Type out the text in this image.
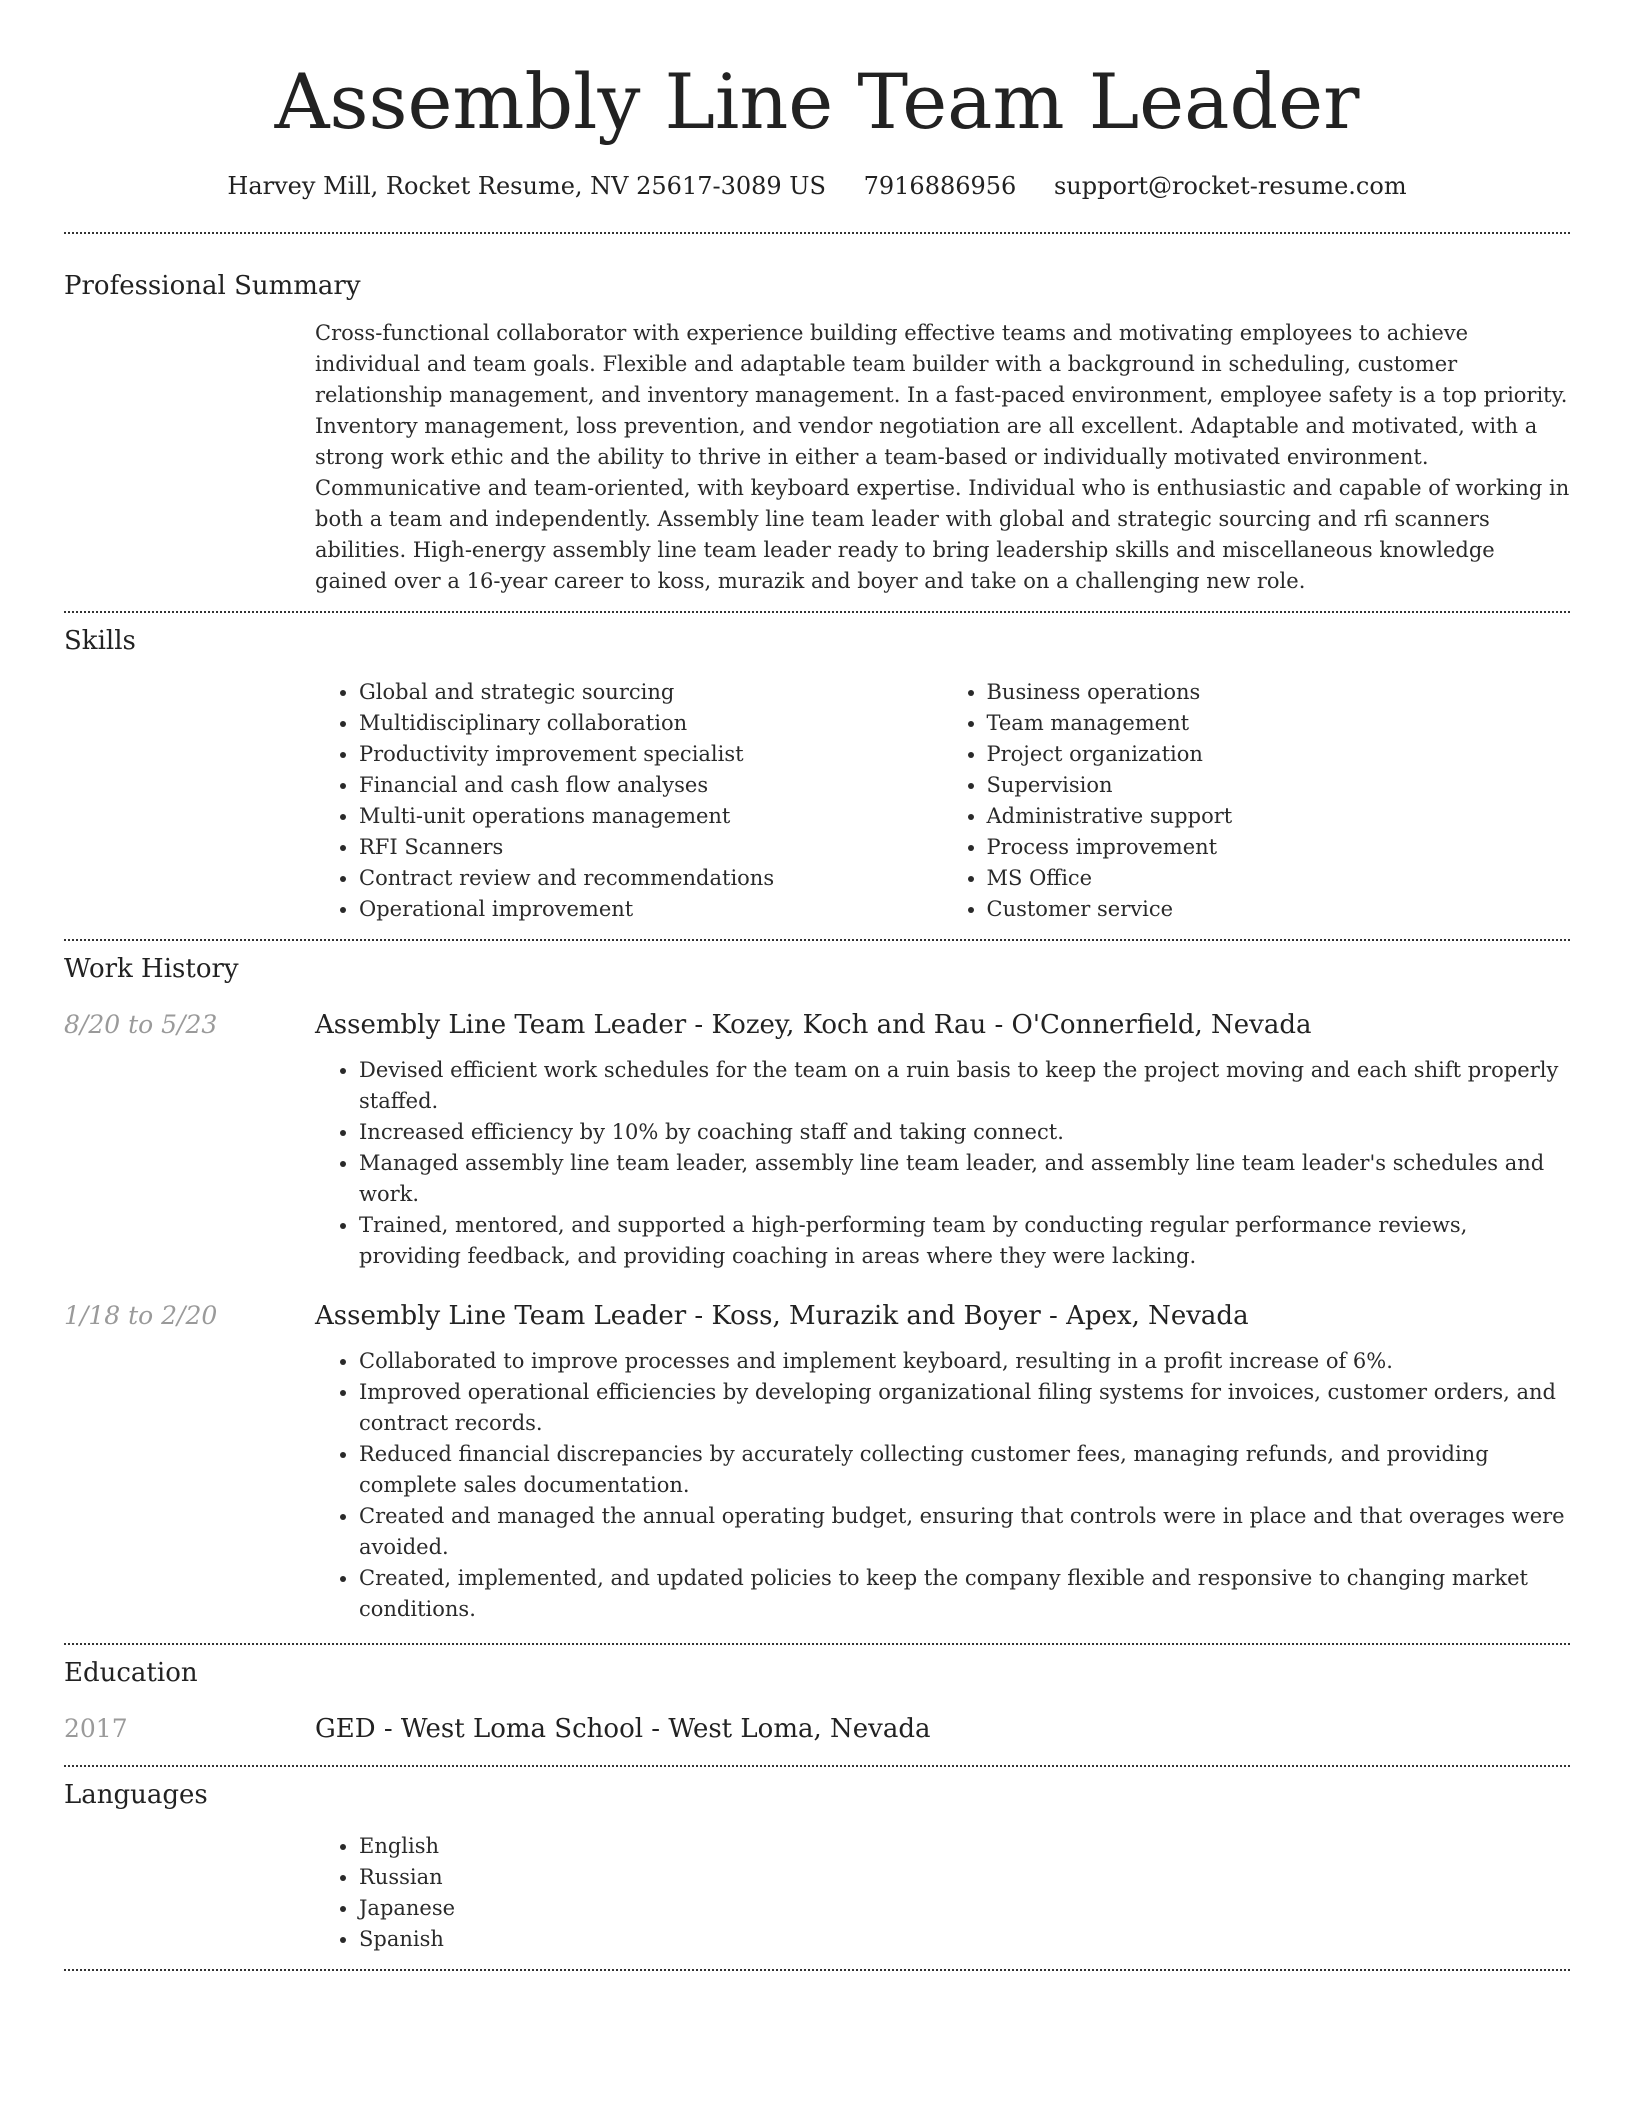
Assembly Line Team Leader
Harvey Mill, Rocket Resume, NV 25617-3089 US 7916886956 support@rocket-resume.com
Professional Summary

Cross-functional collaborator with experience building effective teams and motivating employees to achieve individual and team goals. Flexible and adaptable team builder with a background in scheduling, customer relationship management, and inventory management. In a fast-paced environment, employee safety is a top priority. Inventory management, loss prevention, and vendor negotiation are all excellent. Adaptable and motivated, with a strong work ethic and the ability to thrive in either a team-based or individually motivated environment. Communicative and team-oriented, with keyboard expertise. Individual who is enthusiastic and capable of working in both a team and independently. Assembly line team leader with global and strategic sourcing and rfi scanners abilities. High-energy assembly line team leader ready to bring leadership skills and miscellaneous knowledge gained over a 16-year career to koss, murazik and boyer and take on a challenging new role.

Skills
• Global and strategic sourcing
• Multidisciplinary collaboration
• Productivity improvement specialist
• Financial and cash flow analyses
• Multi-unit operations management
• RFI Scanners
• Contract review and recommendations
• Operational improvement
• Business operations
• Team management
• Project organization
• Supervision
• Administrative support
• Process improvement
• MS Office
• Customer service
Work History
8/20 to 5/23	Assembly Line Team Leader - Kozey, Koch and Rau - O'Connerfield, Nevada
• Devised efficient work schedules for the team on a ruin basis to keep the project moving and each shift properly staffed.
• Increased efficiency by 10% by coaching staff and taking connect.
• Managed assembly line team leader, assembly line team leader, and assembly line team leader's schedules and work.
• Trained, mentored, and supported a high-performing team by conducting regular performance reviews, providing feedback, and providing coaching in areas where they were lacking.
1/18 to 2/20	Assembly Line Team Leader - Koss, Murazik and Boyer - Apex, Nevada
• Collaborated to improve processes and implement keyboard, resulting in a profit increase of 6%.
• Improved operational efficiencies by developing organizational filing systems for invoices, customer orders, and contract records.
• Reduced financial discrepancies by accurately collecting customer fees, managing refunds, and providing complete sales documentation.
• Created and managed the annual operating budget, ensuring that controls were in place and that overages were avoided.
• Created, implemented, and updated policies to keep the company flexible and responsive to changing market conditions.
Education
2017	GED - West Loma School - West Loma, Nevada
Languages
• English
• Russian
• Japanese
• Spanish
